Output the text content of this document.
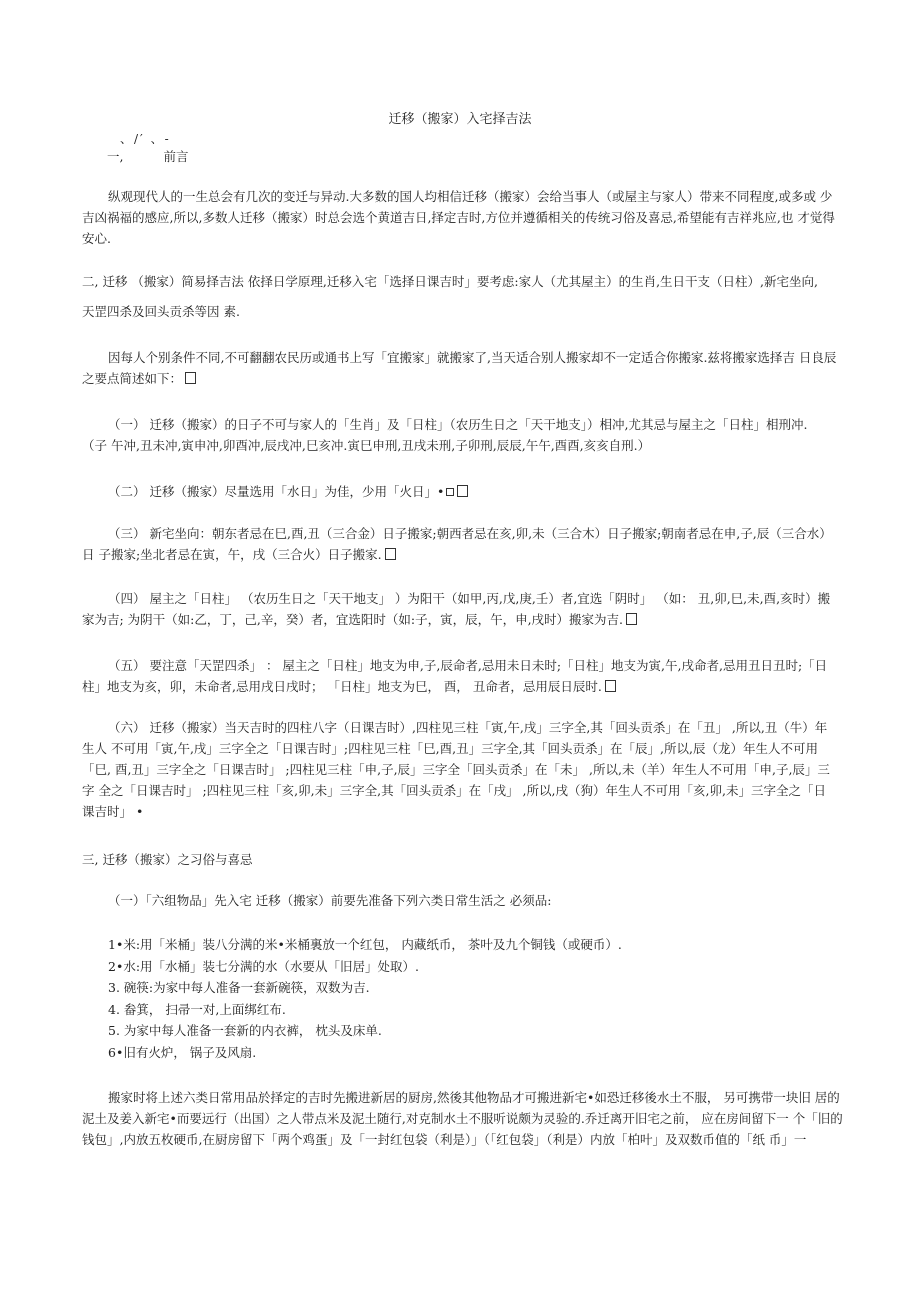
迁移（搬家）入宅择吉法
、/′ 、-
一,	前言
纵观现代人的一生总会有几次的变迁与异动.大多数的国人均相信迁移（搬家）会给当事人（或屋主与家人）带来不同程度,或多或 少
吉凶祸福的感应,所以,多数人迁移（搬家）时总会选个黄道吉日,择定吉时,方位并遵循相关的传统习俗及喜忌,希望能有吉祥兆应,也 才觉得
安心.
二, 迁移 （搬家）简易择吉法 依择日学原理,迁移入宅「选择日课吉时」要考虑:家人（尤其屋主）的生肖,生日干支（日柱）,新宅坐向,
天罡四杀及回头贡杀等因 素.
因每人个别条件不同,不可翻翻农民历或通书上写「宜搬家」就搬家了,当天适合别人搬家却不一定适合你搬家.兹将搬家选择吉 日良辰
之要点简述如下：
（一） 迁移（搬家）的日子不可与家人的「生肖」及「日柱」（农历生日之「天干地支」）相冲,尤其忌与屋主之「日柱」相刑冲.
（子 午冲,丑未冲,寅申冲,卯酉冲,辰戌冲,巳亥冲.寅巳申刑,丑戌未刑,子卯刑,辰辰,午午,酉酉,亥亥自刑.）
（二） 迁移（搬家）尽量选用「水日」为佳，少用「火日」•
（三） 新宅坐向：朝东者忌在巳,酉,丑（三合金）日子搬家;朝西者忌在亥,卯,未（三合木）日子搬家;朝南者忌在申,子,辰（三合水）
日 子搬家;坐北者忌在寅，午，戌（三合火）日子搬家.
（四） 屋主之「日柱」 （农历生日之「天干地支」 ）为阳干（如甲,丙,戊,庚,壬）者,宜选「阴时」 （如： 丑,卯,巳,未,酉,亥时）搬
家为吉; 为阴干（如:乙，丁，己,辛，癸）者，宜选阳时（如:子，寅，辰，午，申,戌时）搬家为吉.
（五） 要注意「天罡四杀」 ： 屋主之「日柱」地支为申,子,辰命者,忌用未日未时;「日柱」地支为寅,午,戌命者,忌用丑日丑时;「日
柱」地支为亥，卯，未命者,忌用戌日戌时； 「日柱」地支为巳， 酉， 丑命者，忌用辰日辰时.
（六） 迁移（搬家）当天吉时的四柱八字（日课吉时）,四柱见三柱「寅,午,戌」三字全,其「回头贡杀」在「丑」 ,所以,丑（牛）年
生人 不可用「寅,午,戌」三字全之「日课吉时」;四柱见三柱「巳,酉,丑」三字全,其「回头贡杀」在「辰」,所以,辰（龙）年生人不可用
「巳, 酉,丑」三字全之「日课吉时」 ;四柱见三柱「申,子,辰」三字全「回头贡杀」在「未」 ,所以,未（羊）年生人不可用「申,子,辰」三
字 全之「日课吉时」 ;四柱见三柱「亥,卯,未」三字全,其「回头贡杀」在「戌」 ,所以,戌（狗）年生人不可用「亥,卯,未」三字全之「日
课吉时」 •
三, 迁移（搬家）之习俗与喜忌
（一）「六组物品」先入宅 迁移（搬家）前要先准备下列六类日常生活之 必须品:
1•米:用「米桶」装八分满的米•米桶裏放一个红包， 内藏纸币， 茶叶及九个铜钱（或硬币）.
2•水:用「水桶」装七分满的水（水要从「旧居」处取）.
3. 碗筷:为家中每人准备一套新碗筷，双数为吉.
4. 畚箕， 扫帚一对,上面绑红布.
5. 为家中每人准备一套新的内衣裤， 枕头及床单.
6•旧有火炉， 锅子及风扇.
搬家时将上述六类日常用品於择定的吉时先搬进新居的厨房,然後其他物品才可搬进新宅•如恐迁移後水土不服， 另可携带一块旧 居的
泥土及姜入新宅•而要远行（出国）之人带点米及泥土随行,对克制水土不服听说颇为灵验的.乔迁离开旧宅之前， 应在房间留下一 个「旧的
钱包」,内放五枚硬币,在厨房留下「两个鸡蛋」及「一封红包袋（利是）」（「红包袋」（利是）内放「柏叶」及双数币值的「纸 币」一
